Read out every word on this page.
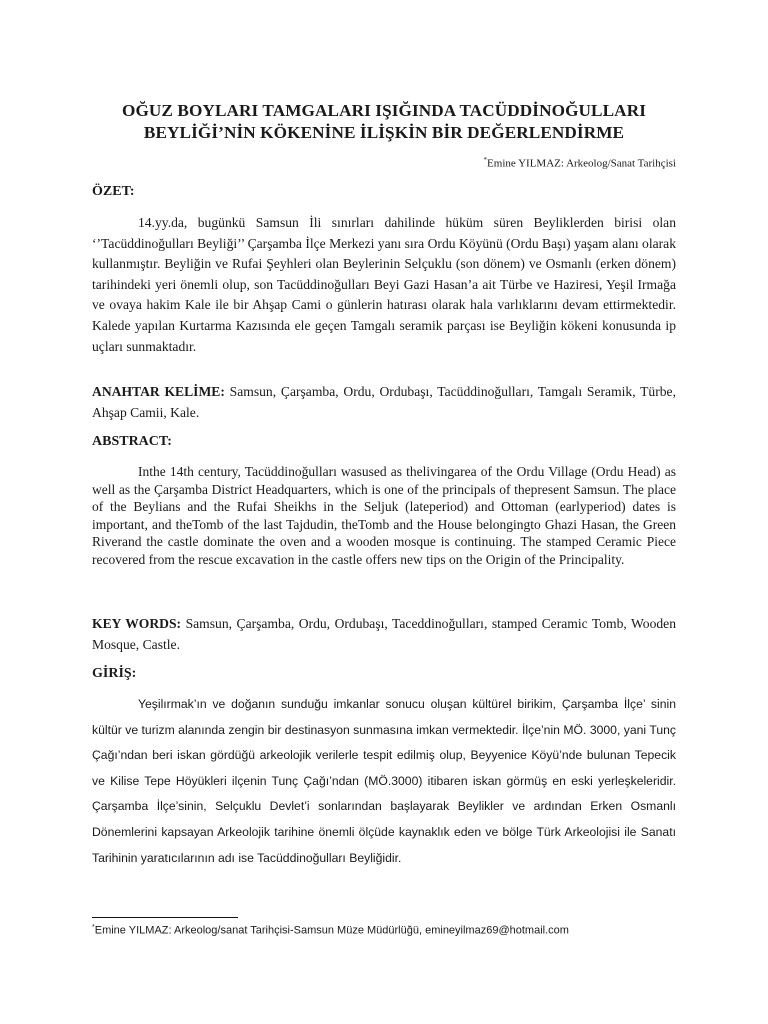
OĞUZ BOYLARI TAMGALARI IŞIĞINDA TACÜDDİNOĞULLARI
BEYLİĞİ’NİN KÖKENİNE İLİŞKİN BİR DEĞERLENDİRME
*Emine YILMAZ: Arkeolog/Sanat Tarihçisi
ÖZET:

14.yy.da, bugünkü Samsun İli sınırları dahilinde hüküm süren Beyliklerden birisi olan ‘’Tacüddinoğulları Beyliği’’ Çarşamba İlçe Merkezi yanı sıra Ordu Köyünü (Ordu Başı) yaşam alanı olarak kullanmıştır. Beyliğin ve Rufai Şeyhleri olan Beylerinin Selçuklu (son dönem) ve Osmanlı (erken dönem) tarihindeki yeri önemli olup, son Tacüddinoğulları Beyi Gazi Hasan’a ait Türbe ve Haziresi, Yeşil Irmağa ve ovaya hakim Kale ile bir Ahşap Cami o günlerin hatırası olarak hala varlıklarını devam ettirmektedir. Kalede yapılan Kurtarma Kazısında ele geçen Tamgalı seramik parçası ise Beyliğin kökeni konusunda ip uçları sunmaktadır.

ANAHTAR KELİME: Samsun, Çarşamba, Ordu, Ordubaşı, Tacüddinoğulları, Tamgalı Seramik, Türbe, Ahşap Camii, Kale.

ABSTRACT:

Inthe 14th century, Tacüddinoğulları wasused as thelivingarea of the Ordu Village (Ordu Head) as well as the Çarşamba District Headquarters, which is one of the principals of thepresent Samsun. The place of the Beylians and the Rufai Sheikhs in the Seljuk (lateperiod) and Ottoman (earlyperiod) dates is important, and theTomb of the last Tajdudin, theTomb and the House belongingto Ghazi Hasan, the Green Riverand the castle dominate the oven and a wooden mosque is continuing. The stamped Ceramic Piece recovered from the rescue excavation in the castle offers new tips on the Origin of the Principality.

KEY WORDS: Samsun, Çarşamba, Ordu, Ordubaşı, Taceddinoğulları, stamped Ceramic Tomb, Wooden Mosque, Castle.

GİRİŞ:

Yeşilırmak’ın ve doğanın sunduğu imkanlar sonucu oluşan kültürel birikim, Çarşamba İlçe’ sinin kültür ve turizm alanında zengin bir destinasyon sunmasına imkan vermektedir. İlçe’nin MÖ. 3000, yani Tunç Çağı’ndan beri iskan gördüğü arkeolojik verilerle tespit edilmiş olup, Beyyenice Köyü’nde bulunan Tepecik ve Kilise Tepe Höyükleri ilçenin Tunç Çağı’ndan (MÖ.3000) itibaren iskan görmüş en eski yerleşkeleridir. Çarşamba İlçe’sinin, Selçuklu Devlet’i sonlarından başlayarak Beylikler ve ardından Erken Osmanlı Dönemlerini kapsayan Arkeolojik tarihine önemli ölçüde kaynaklık eden ve bölge Türk Arkeolojisi ile Sanatı Tarihinin yaratıcılarının adı ise Tacüddinoğulları Beyliğidir.

*Emine YILMAZ: Arkeolog/sanat Tarihçisi-Samsun Müze Müdürlüğü, emineyilmaz69@hotmail.com
